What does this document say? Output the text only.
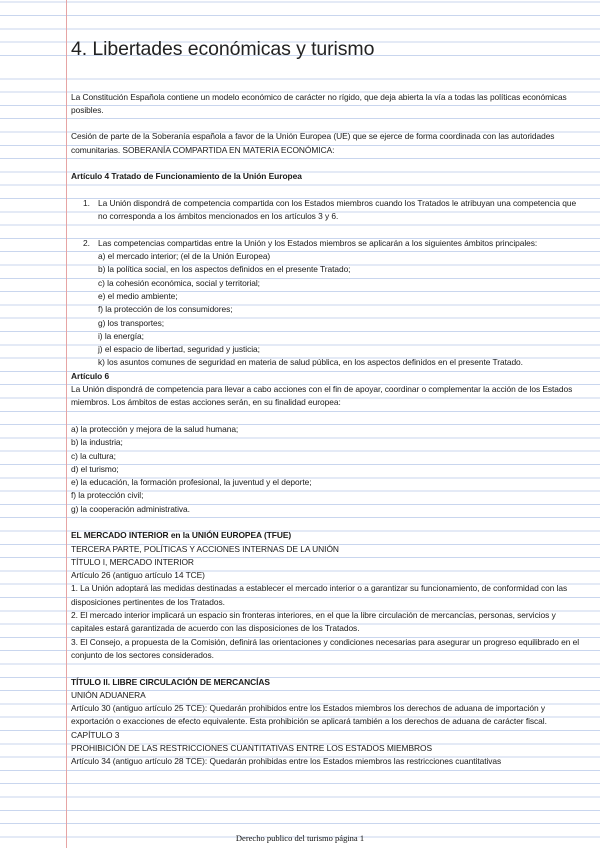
4. Libertades económicas y turismo

La Constitución Española contiene un modelo económico de carácter no rígido, que deja abierta la vía a todas las políticas económicas posibles.

Cesión de parte de la Soberanía española a favor de la Unión Europea (UE) que se ejerce de forma coordinada con las autoridades comunitarias. SOBERANÍA COMPARTIDA EN MATERIA ECONÓMICA:

Artículo 4 Tratado de Funcionamiento de la Unión Europea

1. La Unión dispondrá de competencia compartida con los Estados miembros cuando los Tratados le atribuyan una competencia que no corresponda a los ámbitos mencionados en los artículos 3 y 6.

2. Las competencias compartidas entre la Unión y los Estados miembros se aplicarán a los siguientes ámbitos principales:

a) el mercado interior; (el de la Unión Europea)

b) la política social, en los aspectos definidos en el presente Tratado;

c) la cohesión económica, social y territorial;

e) el medio ambiente;

f) la protección de los consumidores;

g) los transportes;

i) la energía;

j) el espacio de libertad, seguridad y justicia;

k) los asuntos comunes de seguridad en materia de salud pública, en los aspectos definidos en el presente Tratado.

Artículo 6

La Unión dispondrá de competencia para llevar a cabo acciones con el fin de apoyar, coordinar o complementar la acción de los Estados miembros. Los ámbitos de estas acciones serán, en su finalidad europea:

a) la protección y mejora de la salud humana;

b) la industria;

c) la cultura;

d) el turismo;

e) la educación, la formación profesional, la juventud y el deporte;

f) la protección civil;

g) la cooperación administrativa.

EL MERCADO INTERIOR en la UNIÓN EUROPEA (TFUE)

TERCERA PARTE, POLÍTICAS Y ACCIONES INTERNAS DE LA UNIÓN

TÍTULO I, MERCADO INTERIOR

Artículo 26 (antiguo artículo 14 TCE)

1. La Unión adoptará las medidas destinadas a establecer el mercado interior o a garantizar su funcionamiento, de conformidad con las disposiciones pertinentes de los Tratados.

2. El mercado interior implicará un espacio sin fronteras interiores, en el que la libre circulación de mercancías, personas, servicios y capitales estará garantizada de acuerdo con las disposiciones de los Tratados.

3. El Consejo, a propuesta de la Comisión, definirá las orientaciones y condiciones necesarias para asegurar un progreso equilibrado en el conjunto de los sectores considerados.

TÍTULO II. LIBRE CIRCULACIÓN DE MERCANCÍAS

UNIÓN ADUANERA

Artículo 30 (antiguo artículo 25 TCE): Quedarán prohibidos entre los Estados miembros los derechos de aduana de importación y exportación o exacciones de efecto equivalente. Esta prohibición se aplicará también a los derechos de aduana de carácter fiscal.

CAPÍTULO 3

PROHIBICIÓN DE LAS RESTRICCIONES CUANTITATIVAS ENTRE LOS ESTADOS MIEMBROS

Artículo 34 (antiguo artículo 28 TCE): Quedarán prohibidas entre los Estados miembros las restricciones cuantitativas

Derecho publico del turismo página 1
